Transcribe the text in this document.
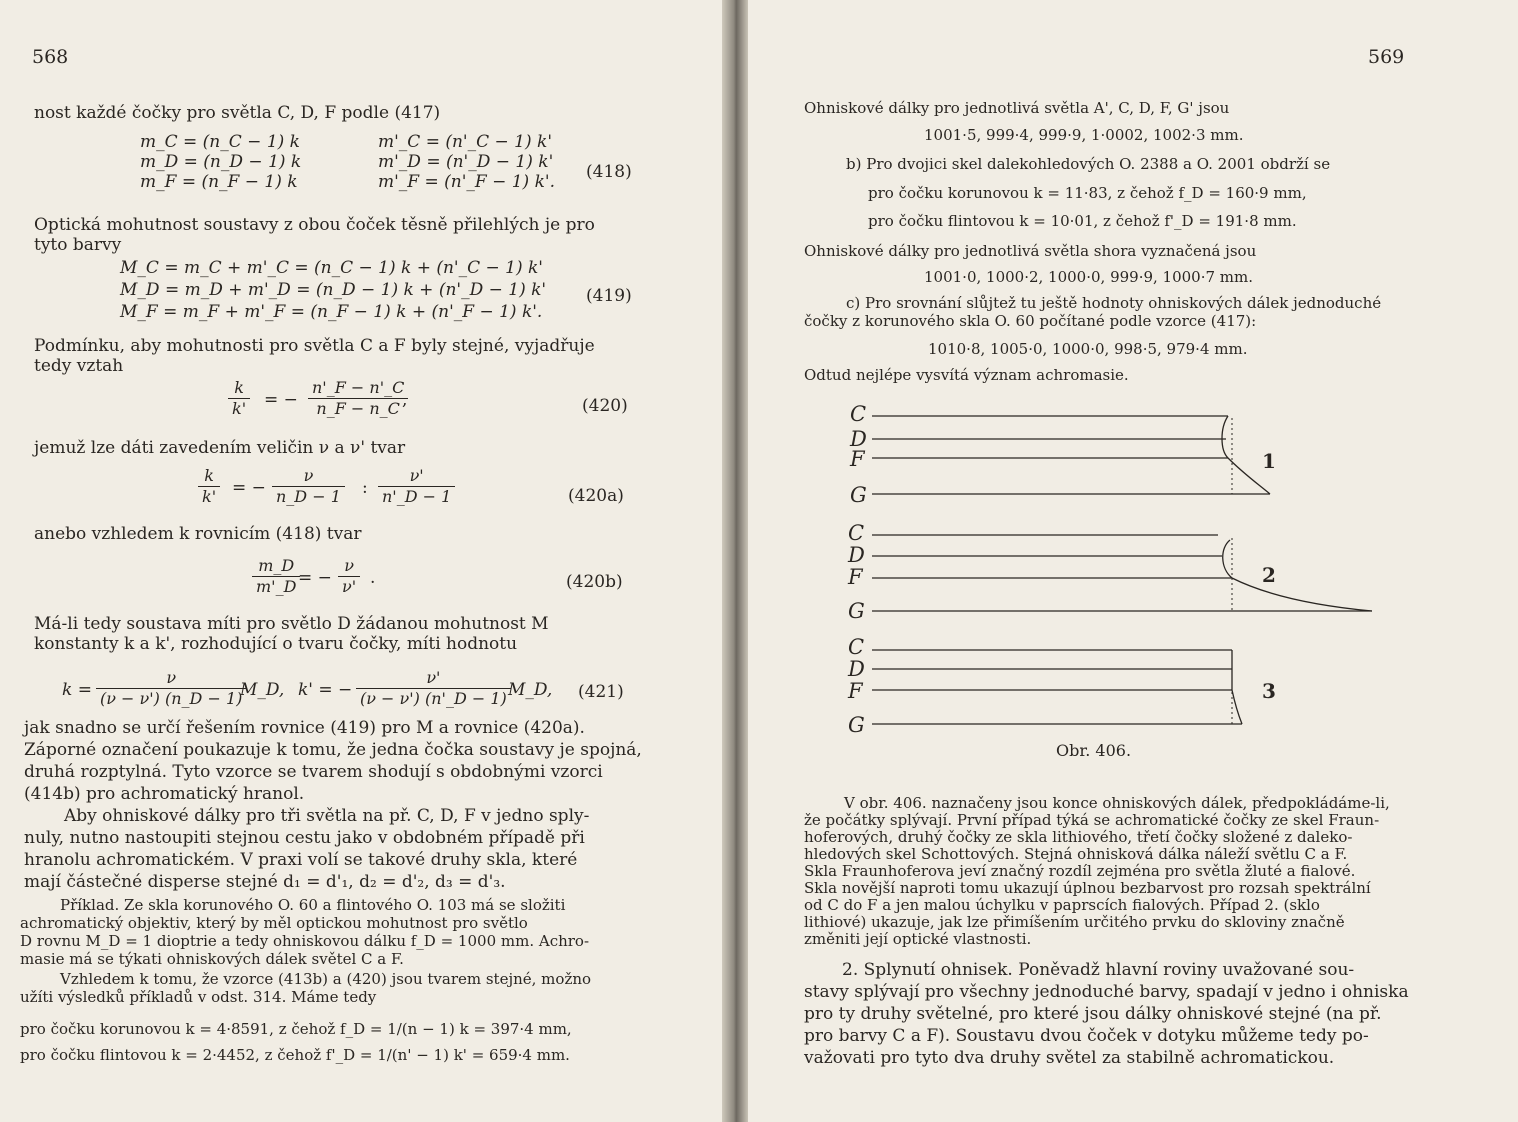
568
nost každé čočky pro světla C, D, F podle (417)
m_C = (n_C − 1) k
m_D = (n_D − 1) k
m_F = (n_F − 1) k
m'_C = (n'_C − 1) k'
m'_D = (n'_D − 1) k'
m'_F = (n'_F − 1) k'. (418)
Optická mohutnost soustavy z obou čoček těsně přilehlých je pro
tyto barvy
M_C = m_C + m'_C = (n_C − 1) k + (n'_C − 1) k'
M_D = m_D + m'_D = (n_D − 1) k + (n'_D − 1) k'
M_F = m_F + m'_F = (n_F − 1) k + (n'_F − 1) k'.
(419)
Podmínku, aby mohutnosti pro světla C a F byly stejné, vyjadřuje
tedy vztah
$\frac{k}{k'}$ = − $\frac{n'\_F - n'\_C}{n\_F - n\_C}$
,	(420)
jemuž lze dáti zavedením veličin ν a ν' tvar
$\frac{k}{k'}$ = − $\frac{\nu}{n\_D - 1}$ : $\frac{\nu'}{n'\_D - 1}$	(420a)
anebo vzhledem k rovnicím (418) tvar
$\frac{m\_D}{m'\_D}$
= − $\frac{\nu}{\nu'}$ .	(420b)
Má-li tedy soustava míti pro světlo D žádanou mohutnost M
konstanty k a k', rozhodující o tvaru čočky, míti hodnotu
$k = \frac{\nu}{(\nu - \nu') (n\_D - 1)}$
M_D, k' = − $\frac{\nu'}{(\nu - \nu') (n'\_D - 1)}$
M_D, (421)
jak snadno se určí řešením rovnice (419) pro M a rovnice (420a).
Záporné označení poukazuje k tomu, že jedna čočka soustavy je spojná,
druhá rozptylná. Tyto vzorce se tvarem shodují s obdobnými vzorci
(414b) pro achromatický hranol.
Aby ohniskové dálky pro tři světla na př. C, D, F v jedno sply-
nuly, nutno nastoupiti stejnou cestu jako v obdobném případě při
hranolu achromatickém. V praxi volí se takové druhy skla, které
mají částečné disperse stejné d₁ = d'₁, d₂ = d'₂, d₃ = d'₃.
Příklad. Ze skla korunového O. 60 a flintového O. 103 má se složiti
achromatický objektiv, který by měl optickou mohutnost pro světlo
D rovnu M_D = 1 dioptrie a tedy ohniskovou dálku f_D = 1000 mm. Achro-
masie má se týkati ohniskových dálek světel C a F.
Vzhledem k tomu, že vzorce (413b) a (420) jsou tvarem stejné, možno
užíti výsledků příkladů v odst. 314. Máme tedy
pro čočku korunovou k = 4·8591, z čehož f_D = 1/(n − 1) k = 397·4 mm,
pro čočku flintovou k = 2·4452, z čehož f'_D = 1/(n' − 1) k' = 659·4 mm.
569
Ohniskové dálky pro jednotlivá světla A', C, D, F, G' jsou
1001·5, 999·4, 999·9, 1·0002, 1002·3 mm.
b) Pro dvojici skel dalekohledových O. 2388 a O. 2001 obdrží se
pro čočku korunovou k = 11·83, z čehož f_D = 160·9 mm,
pro čočku flintovou k = 10·01, z čehož f'_D = 191·8 mm.
Ohniskové dálky pro jednotlivá světla shora vyznačená jsou
1001·0, 1000·2, 1000·0, 999·9, 1000·7 mm.
c) Pro srovnání slůjtež tu ještě hodnoty ohniskových dálek jednoduché
čočky z korunového skla O. 60 počítané podle vzorce (417):
1010·8, 1005·0, 1000·0, 998·5, 979·4 mm.
Odtud nejlépe vysvítá význam achromasie.
C
D
F
G
1
C
D
F
G
2
C
D
F
G
3
Obr. 406.
V obr. 406. naznačeny jsou konce ohniskových dálek, předpokládáme-li,
že počátky splývají. První případ týká se achromatické čočky ze skel Fraun-
hoferových, druhý čočky ze skla lithiového, třetí čočky složené z daleko-
hledových skel Schottových. Stejná ohnisková dálka náleží světlu C a F.
Skla Fraunhoferova jeví značný rozdíl zejména pro světla žluté a fialové.
Skla novější naproti tomu ukazují úplnou bezbarvost pro rozsah spektrální
od C do F a jen malou úchylku v paprscích fialových. Případ 2. (sklo
lithiové) ukazuje, jak lze přimíšením určitého prvku do skloviny značně
změniti její optické vlastnosti.
2. Splynutí ohnisek. Poněvadž hlavní roviny uvažované sou-
stavy splývají pro všechny jednoduché barvy, spadají v jedno i ohniska
pro ty druhy světelné, pro které jsou dálky ohniskové stejné (na př.
pro barvy C a F). Soustavu dvou čoček v dotyku můžeme tedy po-
važovati pro tyto dva druhy světel za stabilně achromatickou.
